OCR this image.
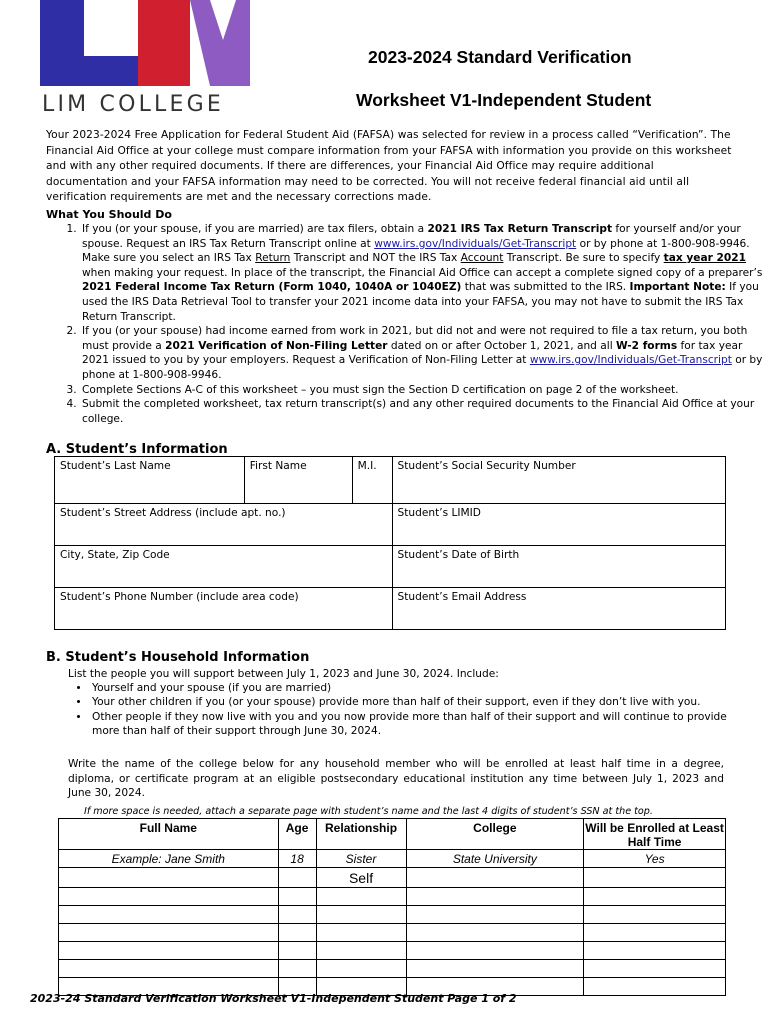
LIM COLLEGE
2023-2024 Standard Verification
Worksheet V1-Independent Student
Your 2023-2024 Free Application for Federal Student Aid (FAFSA) was selected for review in a process called “Verification”. The Financial Aid Office at your college must compare information from your FAFSA with information you provide on this worksheet and with any other required documents. If there are differences, your Financial Aid Office may require additional documentation and your FAFSA information may need to be corrected. You will not receive federal financial aid until all verification requirements are met and the necessary corrections made.
What You Should Do
1. If you (or your spouse, if you are married) are tax filers, obtain a 2021 IRS Tax Return Transcript for yourself and/or your spouse. Request an IRS Tax Return Transcript online at www.irs.gov/Individuals/Get-Transcript or by phone at 1-800-908-9946. Make sure you select an IRS Tax Return Transcript and NOT the IRS Tax Account Transcript. Be sure to specify tax year 2021 when making your request. In place of the transcript, the Financial Aid Office can accept a complete signed copy of a preparer’s 2021 Federal Income Tax Return (Form 1040, 1040A or 1040EZ) that was submitted to the IRS. Important Note: If you used the IRS Data Retrieval Tool to transfer your 2021 income data into your FAFSA, you may not have to submit the IRS Tax Return Transcript.
2. If you (or your spouse) had income earned from work in 2021, but did not and were not required to file a tax return, you both must provide a 2021 Verification of Non-Filing Letter dated on or after October 1, 2021, and all W-2 forms for tax year 2021 issued to you by your employers. Request a Verification of Non-Filing Letter at www.irs.gov/Individuals/Get-Transcript or by phone at 1-800-908-9946.
3. Complete Sections A-C of this worksheet – you must sign the Section D certification on page 2 of the worksheet.
4. Submit the completed worksheet, tax return transcript(s) and any other required documents to the Financial Aid Office at your college.
A. Student’s Information
Student’s Last Name	First Name	M.I.	Student’s Social Security Number
Student’s Street Address (include apt. no.)			Student’s LIMID
City, State, Zip Code			Student’s Date of Birth
Student’s Phone Number (include area code)			Student’s Email Address
B. Student’s Household Information
List the people you will support between July 1, 2023 and June 30, 2024. Include:
• Yourself and your spouse (if you are married)
• Your other children if you (or your spouse) provide more than half of their support, even if they don’t live with you.
• Other people if they now live with you and you now provide more than half of their support and will continue to provide more than half of their support through June 30, 2024.
Write the name of the college below for any household member who will be enrolled at least half time in a degree, diploma, or certificate program at an eligible postsecondary educational institution any time between July 1, 2023 and June 30, 2024.
If more space is needed, attach a separate page with student’s name and the last 4 digits of student’s SSN at the top.
Full Name	Age	Relationship	College	Will be Enrolled at Least Half Time
Example: Jane Smith	18	Sister	State University	Yes
		Self		

2023-24 Standard Verification Worksheet V1-Independent Student Page 1 of 2
